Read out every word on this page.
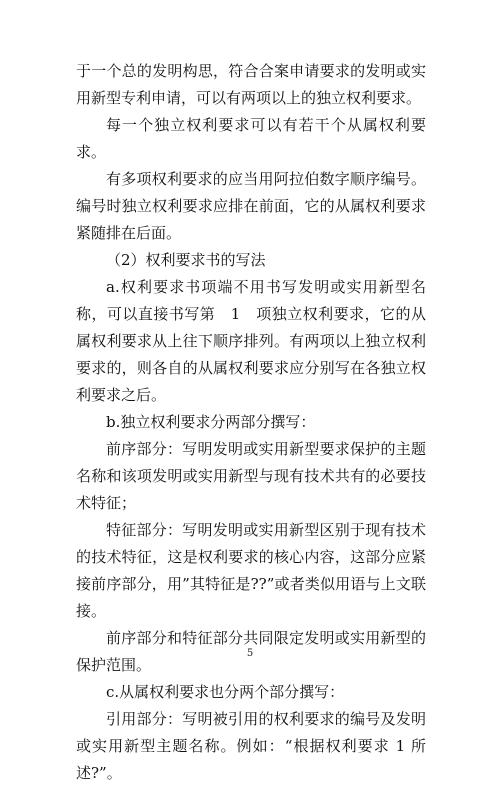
于一个总的发明构思，符合合案申请要求的发明或实用新型专利申请，可以有两项以上的独立权利要求。

每一个独立权利要求可以有若干个从属权利要求。

有多项权利要求的应当用阿拉伯数字顺序编号。编号时独立权利要求应排在前面，它的从属权利要求紧随排在后面。

（2）权利要求书的写法

a.权利要求书项端不用书写发明或实用新型名称，可以直接书写第　1　项独立权利要求，它的从属权利要求从上往下顺序排列。有两项以上独立权利要求的，则各自的从属权利要求应分别写在各独立权利要求之后。

b.独立权利要求分两部分撰写：

前序部分：写明发明或实用新型要求保护的主题名称和该项发明或实用新型与现有技术共有的必要技术特征；

特征部分：写明发明或实用新型区别于现有技术的技术特征，这是权利要求的核心内容，这部分应紧接前序部分，用”其特征是??”或者类似用语与上文联接。

前序部分和特征部分共同限定发明或实用新型的保护范围。

c.从属权利要求也分两个部分撰写：

引用部分：写明被引用的权利要求的编号及发明或实用新型主题名称。例如：“根据权利要求 1 所述?”。

5
